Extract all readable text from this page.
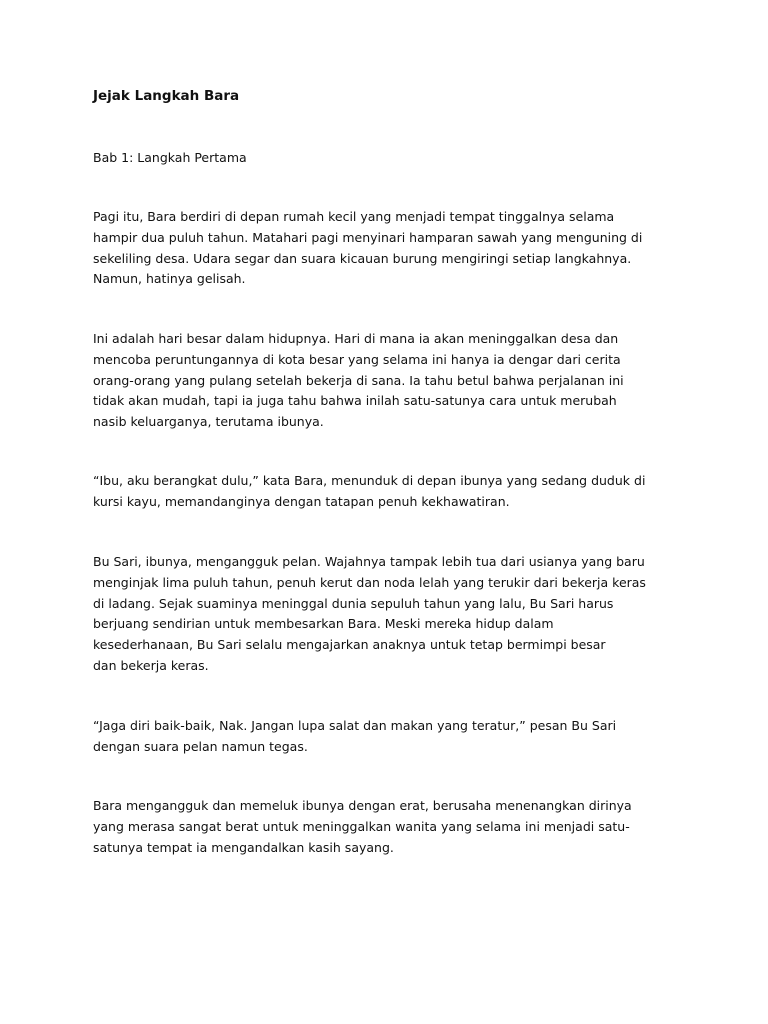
Jejak Langkah Bara

Bab 1: Langkah Pertama

Pagi itu, Bara berdiri di depan rumah kecil yang menjadi tempat tinggalnya selama
hampir dua puluh tahun. Matahari pagi menyinari hamparan sawah yang menguning di
sekeliling desa. Udara segar dan suara kicauan burung mengiringi setiap langkahnya.
Namun, hatinya gelisah.

Ini adalah hari besar dalam hidupnya. Hari di mana ia akan meninggalkan desa dan
mencoba peruntungannya di kota besar yang selama ini hanya ia dengar dari cerita
orang-orang yang pulang setelah bekerja di sana. Ia tahu betul bahwa perjalanan ini
tidak akan mudah, tapi ia juga tahu bahwa inilah satu-satunya cara untuk merubah
nasib keluarganya, terutama ibunya.

“Ibu, aku berangkat dulu,” kata Bara, menunduk di depan ibunya yang sedang duduk di
kursi kayu, memandanginya dengan tatapan penuh kekhawatiran.

Bu Sari, ibunya, mengangguk pelan. Wajahnya tampak lebih tua dari usianya yang baru
menginjak lima puluh tahun, penuh kerut dan noda lelah yang terukir dari bekerja keras
di ladang. Sejak suaminya meninggal dunia sepuluh tahun yang lalu, Bu Sari harus
berjuang sendirian untuk membesarkan Bara. Meski mereka hidup dalam
kesederhanaan, Bu Sari selalu mengajarkan anaknya untuk tetap bermimpi besar
dan bekerja keras.

“Jaga diri baik-baik, Nak. Jangan lupa salat dan makan yang teratur,” pesan Bu Sari
dengan suara pelan namun tegas.

Bara mengangguk dan memeluk ibunya dengan erat, berusaha menenangkan dirinya
yang merasa sangat berat untuk meninggalkan wanita yang selama ini menjadi satu-
satunya tempat ia mengandalkan kasih sayang.
